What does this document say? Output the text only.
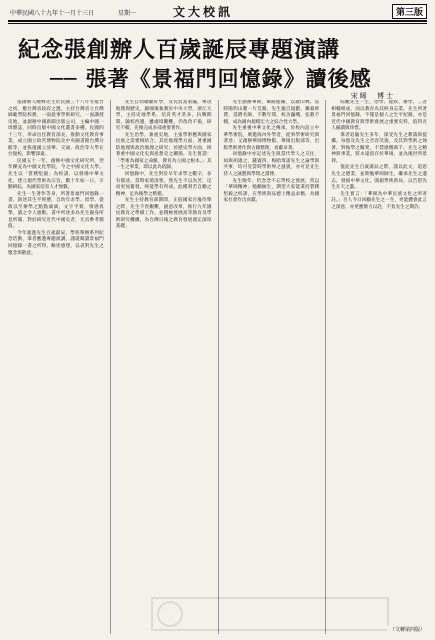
中華民國八十九年十一月十三日	星期一	文大校訊	第三版
紀念張創辦人百歲誕辰專題演講
── 張著《景福門回憶錄》讀後感
宋晞 博士

張創辦人曉峰先生於民國三十八年冬抵台之初，應台灣省政府之邀，主持台灣省立台灣師範學院校務，一面從事學術研究，一面講授史地，並創辦中國新聞出版公司，主編中國一周雜誌，同時出版中國文化叢書多種。民國四十三年，奉命出任教育部長，推動文化教育事業，成立國立故宮博物院及中央圖書館台灣分館等，並恢復國立清華、交通、政治等大學在台復校，影響深遠。

民國五十一年，創辦中國文化研究所，翌年擴充為中國文化學院，今之中國文化大學。先生以「質樸堅毅」為校訓，以發揚中華文化、建立現代學術為宗旨，數十年如一日，辛勤耕耘，為國家培育人才無數。

先生一生著作等身，所著景福門回憶錄一書，敘述其生平經歷，自幼年求學、留學、從政以至辦學之點點滴滴，文字平實，情感真摯，讀之令人感動。書中所述多為先生親身所見所聞，對於研究近代中國史者，尤具參考價值。

今年適逢先生百歲誕辰，學校舉辦系列紀念活動，筆者應邀專題演講，謹就閱讀景福門回憶錄一書之所得，略述感想，以表對先生之懷念與敬意。

先生自幼聰穎好學，及長負笈東瀛，專攻地理與歷史，歸國後執教於中央大學、浙江大學，主持史地學系，培育英才甚多。抗戰期間，隨校西遷，雖處境艱難，仍孜孜不倦，研究不輟，先後完成多部重要著作。

先生治學，兼重史地，主張學術應與國家民族之需要相結合。其於地理學方面，著重國防地理與政治地理之研究；於歷史學方面，則著重中國文化史與思想史之闡揚。先生嘗謂：「學術為國家之命脈，教育為立國之根本。」其一生之事業，即以此為依歸。

回憶錄中，先生對於早年求學之艱辛，多有描述。當時家境清寒，然先生不以為苦，反而更加奮發，終能學有所成。此種刻苦自勵之精神，足為後學之楷模。

先生主持教育部期間，正值國家百廢待舉之際，先生不畏艱難，銳意改革，推行九年國民教育之準備工作，並積極發展高等教育及學術研究機構，為台灣日後之教育發展奠定深厚基礎。

先生創辦華岡，篳路藍縷，以啟山林。當時陽明山麓一片荒蕪，先生親自規劃，籌募經費，延聘名師，不數年間，校舍巍峨，弦歌不輟，成為國內規模宏大之綜合性大學。

先生重視中華文化之傳承，於校內設立中華學術院，廣邀海內外學者，從事學術研究與著述；又創辦華岡博物館、華岡出版部等，出版學術著作與古籍整理，貢獻卓著。

回憶錄中亦記述先生與當代學人之交往，如與胡適之、錢賓四、梅貽琦諸先生之論學與共事，均可見當時學術界之風貌，亦可見先生待人之誠懇與學問之淵博。

先生晚年，仍念念不忘學校之發展，常以「華岡精神」勉勵師生，期望大家能秉持質樸堅毅之校訓，在學術與品德上精益求精，為國家社會作出貢獻。

綜觀先生一生，治學、從政、辦學，三者相輔相成，而以教育為其終身志業。先生所著景福門回憶錄，不僅是個人之生平紀錄，亦是近代中國教育與學術發展之重要史料，值得吾人細讀與珍惜。

筆者追隨先生多年，深受先生之教誨與提攜。每憶及先生之音容笑貌，及其對學術之執著、對後學之關愛，不禁感慨萬千。先生之精神與事業，將永遠留存於華岡，並為後世所景仰。

值此先生百歲誕辰之際，謹以此文，追思先生之德業，並期勉華岡師生，繼承先生之遺志，發揚中華文化，開創學術新局，以告慰先生在天之靈。

先生嘗言：「華岡為中華民族文化之所寄託。」吾人今日回顧先生之一生，更能體會此言之深意，亦更應戮力以赴，不負先生之期許。

（文轉第四版）
